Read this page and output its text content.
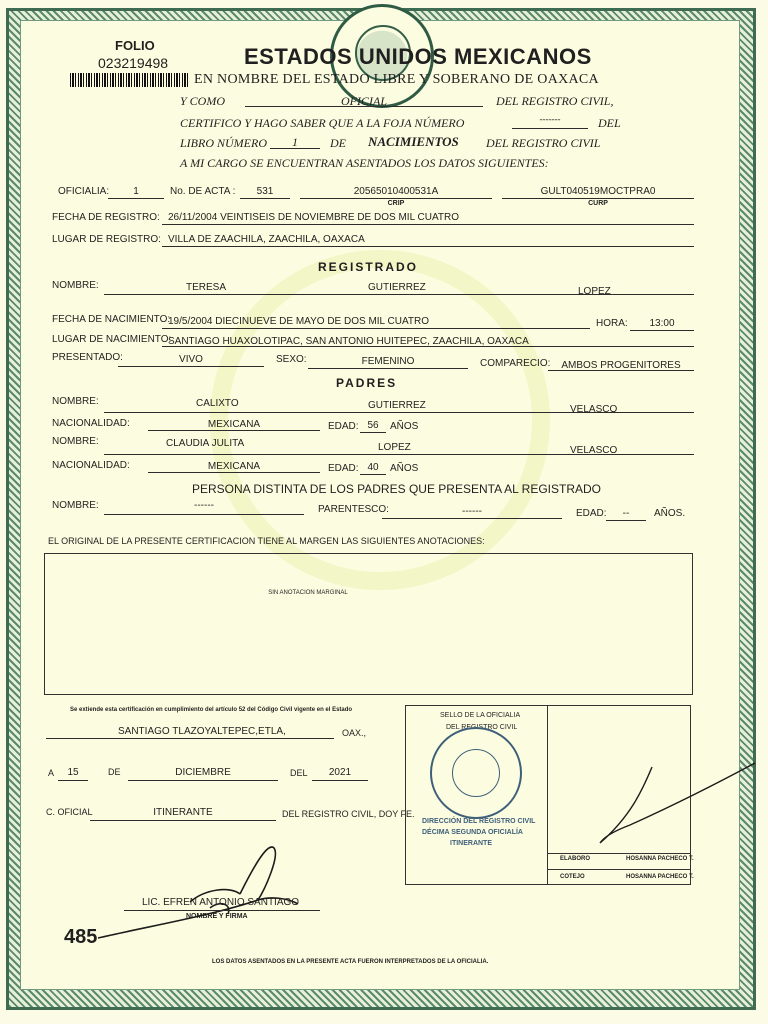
FOLIO
023219498	ESTADOS UNIDOS MEXICANOS
EN NOMBRE DEL ESTADO LIBRE Y SOBERANO DE OAXACA
Y COMO	OFICIAL	DEL REGISTRO CIVIL,
CERTIFICO Y HAGO SABER QUE A LA FOJA NÚMERO	-------	DEL
LIBRO NÚMERO	1	DE NACIMIENTOS DEL REGISTRO CIVIL
A MI CARGO SE ENCUENTRAN ASENTADOS LOS DATOS SIGUIENTES:
OFICIALIA:	1	No. DE ACTA :	531	20565010400531A
CRIP
GULT040519MOCTPRA0
CURP
FECHA DE REGISTRO: 26/11/2004 VEINTISEIS DE NOVIEMBRE DE DOS MIL CUATRO
LUGAR DE REGISTRO: VILLA DE ZAACHILA, ZAACHILA, OAXACA
REGISTRADO
NOMBRE:	TERESA	GUTIERREZ	LOPEZ
FECHA DE NACIMIENTO:
19/5/2004 DIECINUEVE DE MAYO DE DOS MIL CUATRO	HORA:	13:00
LUGAR DE NACIMIENTO:
SANTIAGO HUAXOLOTIPAC, SAN ANTONIO HUITEPEC, ZAACHILA, OAXACA
PRESENTADO:	VIVO	SEXO:	FEMENINO	COMPARECIO:	AMBOS PROGENITORES
PADRES
NOMBRE:	CALIXTO	GUTIERREZ	VELASCO
NACIONALIDAD:	MEXICANA	EDAD: 56	AÑOS
NOMBRE:	CLAUDIA JULITA	LOPEZ	VELASCO
NACIONALIDAD:	MEXICANA	EDAD: 40	AÑOS
PERSONA DISTINTA DE LOS PADRES QUE PRESENTA AL REGISTRADO
NOMBRE:	------	PARENTESCO:	------	EDAD:	--	AÑOS.
EL ORIGINAL DE LA PRESENTE CERTIFICACION TIENE AL MARGEN LAS SIGUIENTES ANOTACIONES:
SIN ANOTACION MARGINAL
Se extiende esta certificación en cumplimiento del artículo 52 del Código Civil vigente en el Estado
SANTIAGO TLAZOYALTEPEC,ETLA,	OAX.,
A	15	DE	DICIEMBRE	DEL	2021
C. OFICIAL	ITINERANTE	DEL REGISTRO CIVIL, DOY FE.
LIC. EFREN ANTONIO SANTIAGO
NOMBRE Y FIRMA
SELLO DE LA OFICIALIA
DEL REGISTRO CIVIL
DIRECCIÓN DEL REGISTRO CIVIL
DÉCIMA SEGUNDA OFICIALÍA
ITINERANTE
ELABORO	HOSANNA PACHECO T.
COTEJO	HOSANNA PACHECO T.
485
LOS DATOS ASENTADOS EN LA PRESENTE ACTA FUERON INTERPRETADOS DE LA OFICIALIA.
